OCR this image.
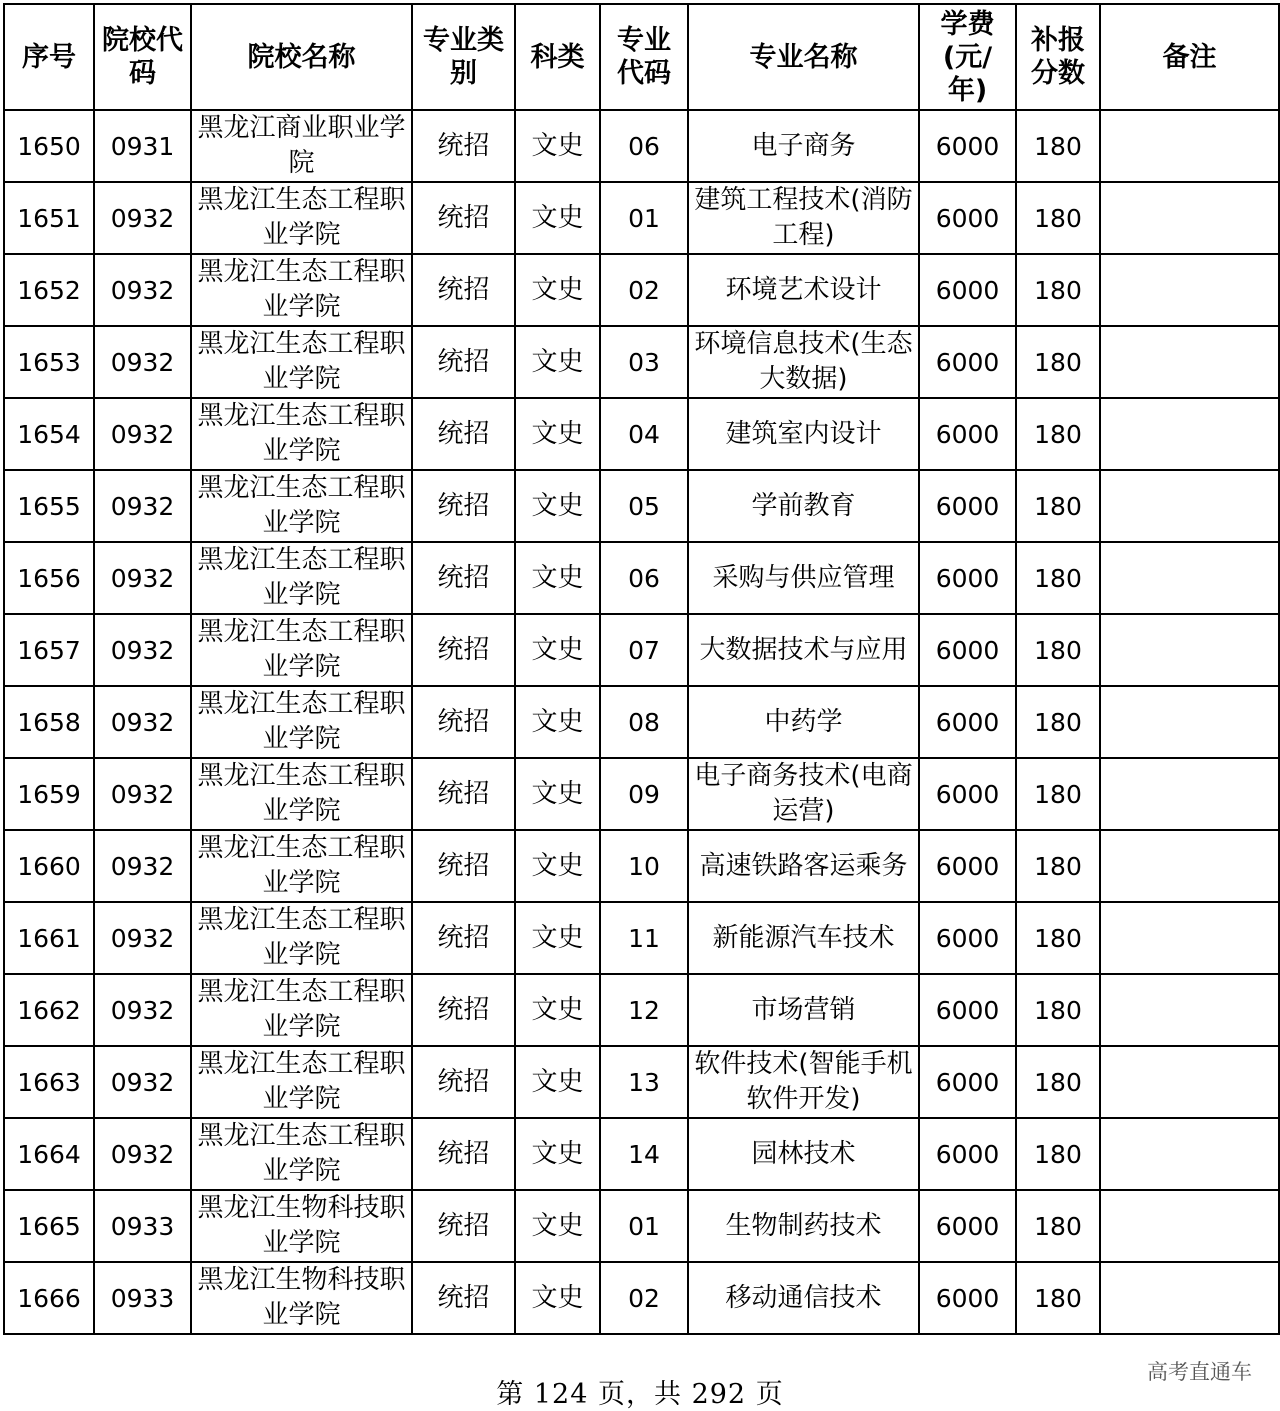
序号	院校代码	院校名称	专业类别	科类	专业代码	专业名称	学费(元/年)	补报分数	备注

1650	0931	黑龙江商业职业学院	统招	文史	06	电子商务	6000	180	

1651	0932	黑龙江生态工程职业学院	统招	文史	01	建筑工程技术(消防工程)	6000	180	

1652	0932	黑龙江生态工程职业学院	统招	文史	02	环境艺术设计	6000	180	

1653	0932	黑龙江生态工程职业学院	统招	文史	03	环境信息技术(生态大数据)	6000	180	

1654	0932	黑龙江生态工程职业学院	统招	文史	04	建筑室内设计	6000	180	

1655	0932	黑龙江生态工程职业学院	统招	文史	05	学前教育	6000	180	

1656	0932	黑龙江生态工程职业学院	统招	文史	06	采购与供应管理	6000	180	

1657	0932	黑龙江生态工程职业学院	统招	文史	07	大数据技术与应用	6000	180	

1658	0932	黑龙江生态工程职业学院	统招	文史	08	中药学	6000	180	

1659	0932	黑龙江生态工程职业学院	统招	文史	09	电子商务技术(电商运营)	6000	180	

1660	0932	黑龙江生态工程职业学院	统招	文史	10	高速铁路客运乘务	6000	180	

1661	0932	黑龙江生态工程职业学院	统招	文史	11	新能源汽车技术	6000	180	

1662	0932	黑龙江生态工程职业学院	统招	文史	12	市场营销	6000	180	

1663	0932	黑龙江生态工程职业学院	统招	文史	13	软件技术(智能手机软件开发)	6000	180	

1664	0932	黑龙江生态工程职业学院	统招	文史	14	园林技术	6000	180	

1665	0933	黑龙江生物科技职业学院	统招	文史	01	生物制药技术	6000	180	

1666	0933	黑龙江生物科技职业学院	统招	文史	02	移动通信技术	6000	180	

第 124 页，共 292 页
高考直通车
